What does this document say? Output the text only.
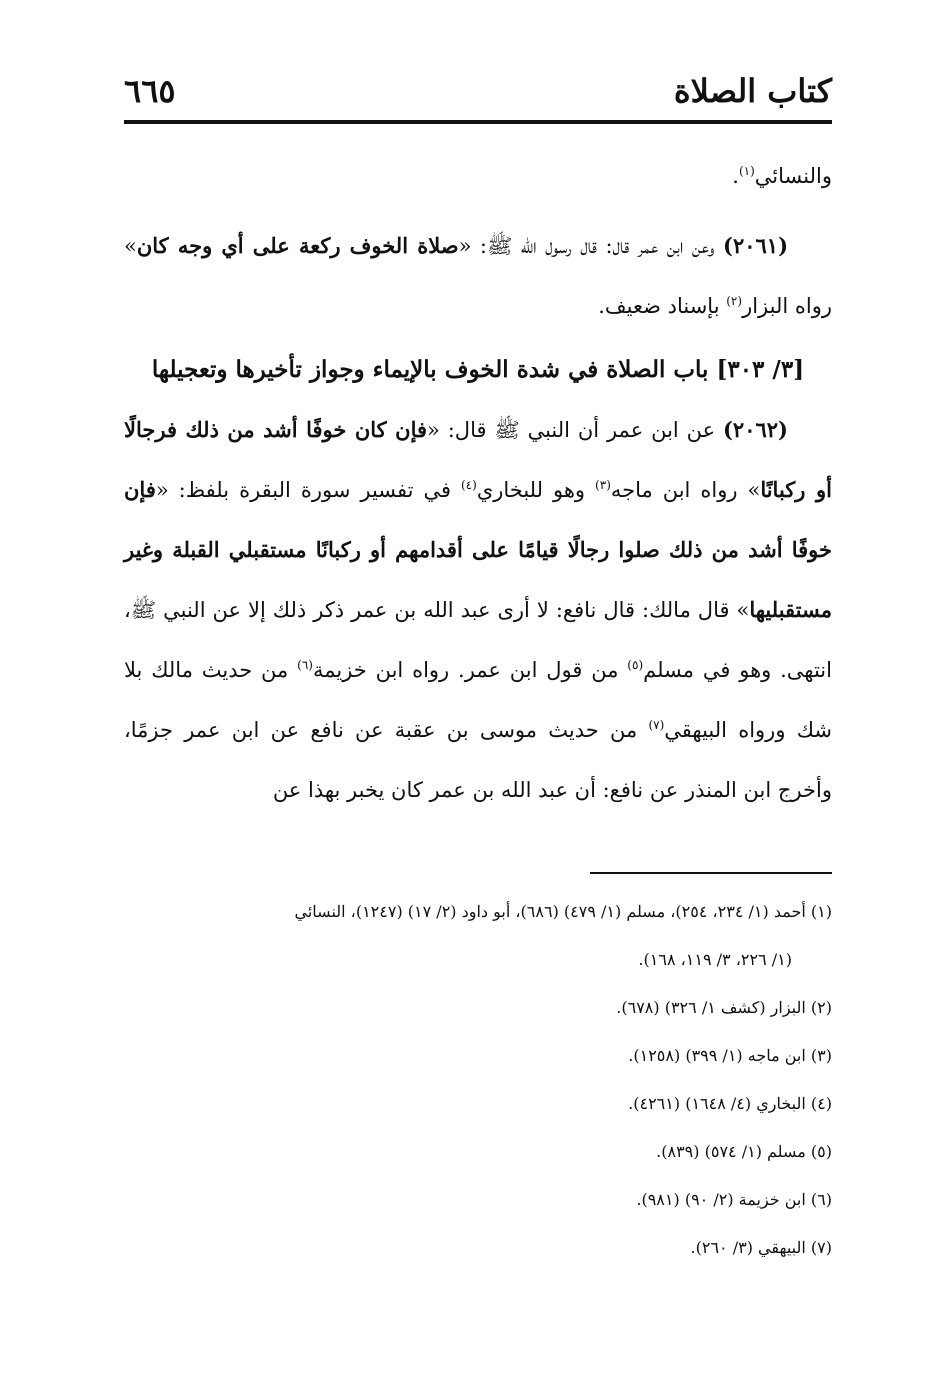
كتاب الصلاة
٦٦٥

والنسائي$^{(١)}$.

(٢٠٦١) وعن ابن عمر قال: قال رسول الله ﷺ: «صلاة الخوف ركعة على أي وجه كان» رواه البزار$^{(٢)}$ بإسناد ضعيف.

[٣/ ٣٠٣] باب الصلاة في شدة الخوف بالإيماء وجواز تأخيرها وتعجيلها

(٢٠٦٢) عن ابن عمر أن النبي ﷺ قال: «فإن كان خوفًا أشد من ذلك فرجالًا أو ركبانًا» رواه ابن ماجه$^{(٣)}$ وهو للبخاري$^{(٤)}$ في تفسير سورة البقرة بلفظ: «فإن خوفًا أشد من ذلك صلوا رجالًا قيامًا على أقدامهم أو ركبانًا مستقبلي القبلة وغير مستقبليها» قال مالك: قال نافع: لا أرى عبد الله بن عمر ذكر ذلك إلا عن النبي ﷺ، انتهى. وهو في مسلم$^{(٥)}$ من قول ابن عمر. رواه ابن خزيمة$^{(٦)}$ من حديث مالك بلا شك ورواه البيهقي$^{(٧)}$ من حديث موسى بن عقبة عن نافع عن ابن عمر جزمًا، وأخرج ابن المنذر عن نافع: أن عبد الله بن عمر كان يخبر بهذا عن

(١) أحمد (١/ ٢٣٤، ٢٥٤)، مسلم (١/ ٤٧٩) (٦٨٦)، أبو داود (٢/ ١٧) (١٢٤٧)، النسائي

(١/ ٢٢٦، ٣/ ١١٩، ١٦٨).

(٢) البزار (كشف ١/ ٣٢٦) (٦٧٨).

(٣) ابن ماجه (١/ ٣٩٩) (١٢٥٨).

(٤) البخاري (٤/ ١٦٤٨) (٤٢٦١).

(٥) مسلم (١/ ٥٧٤) (٨٣٩).

(٦) ابن خزيمة (٢/ ٩٠) (٩٨١).

(٧) البيهقي (٣/ ٢٦٠).
